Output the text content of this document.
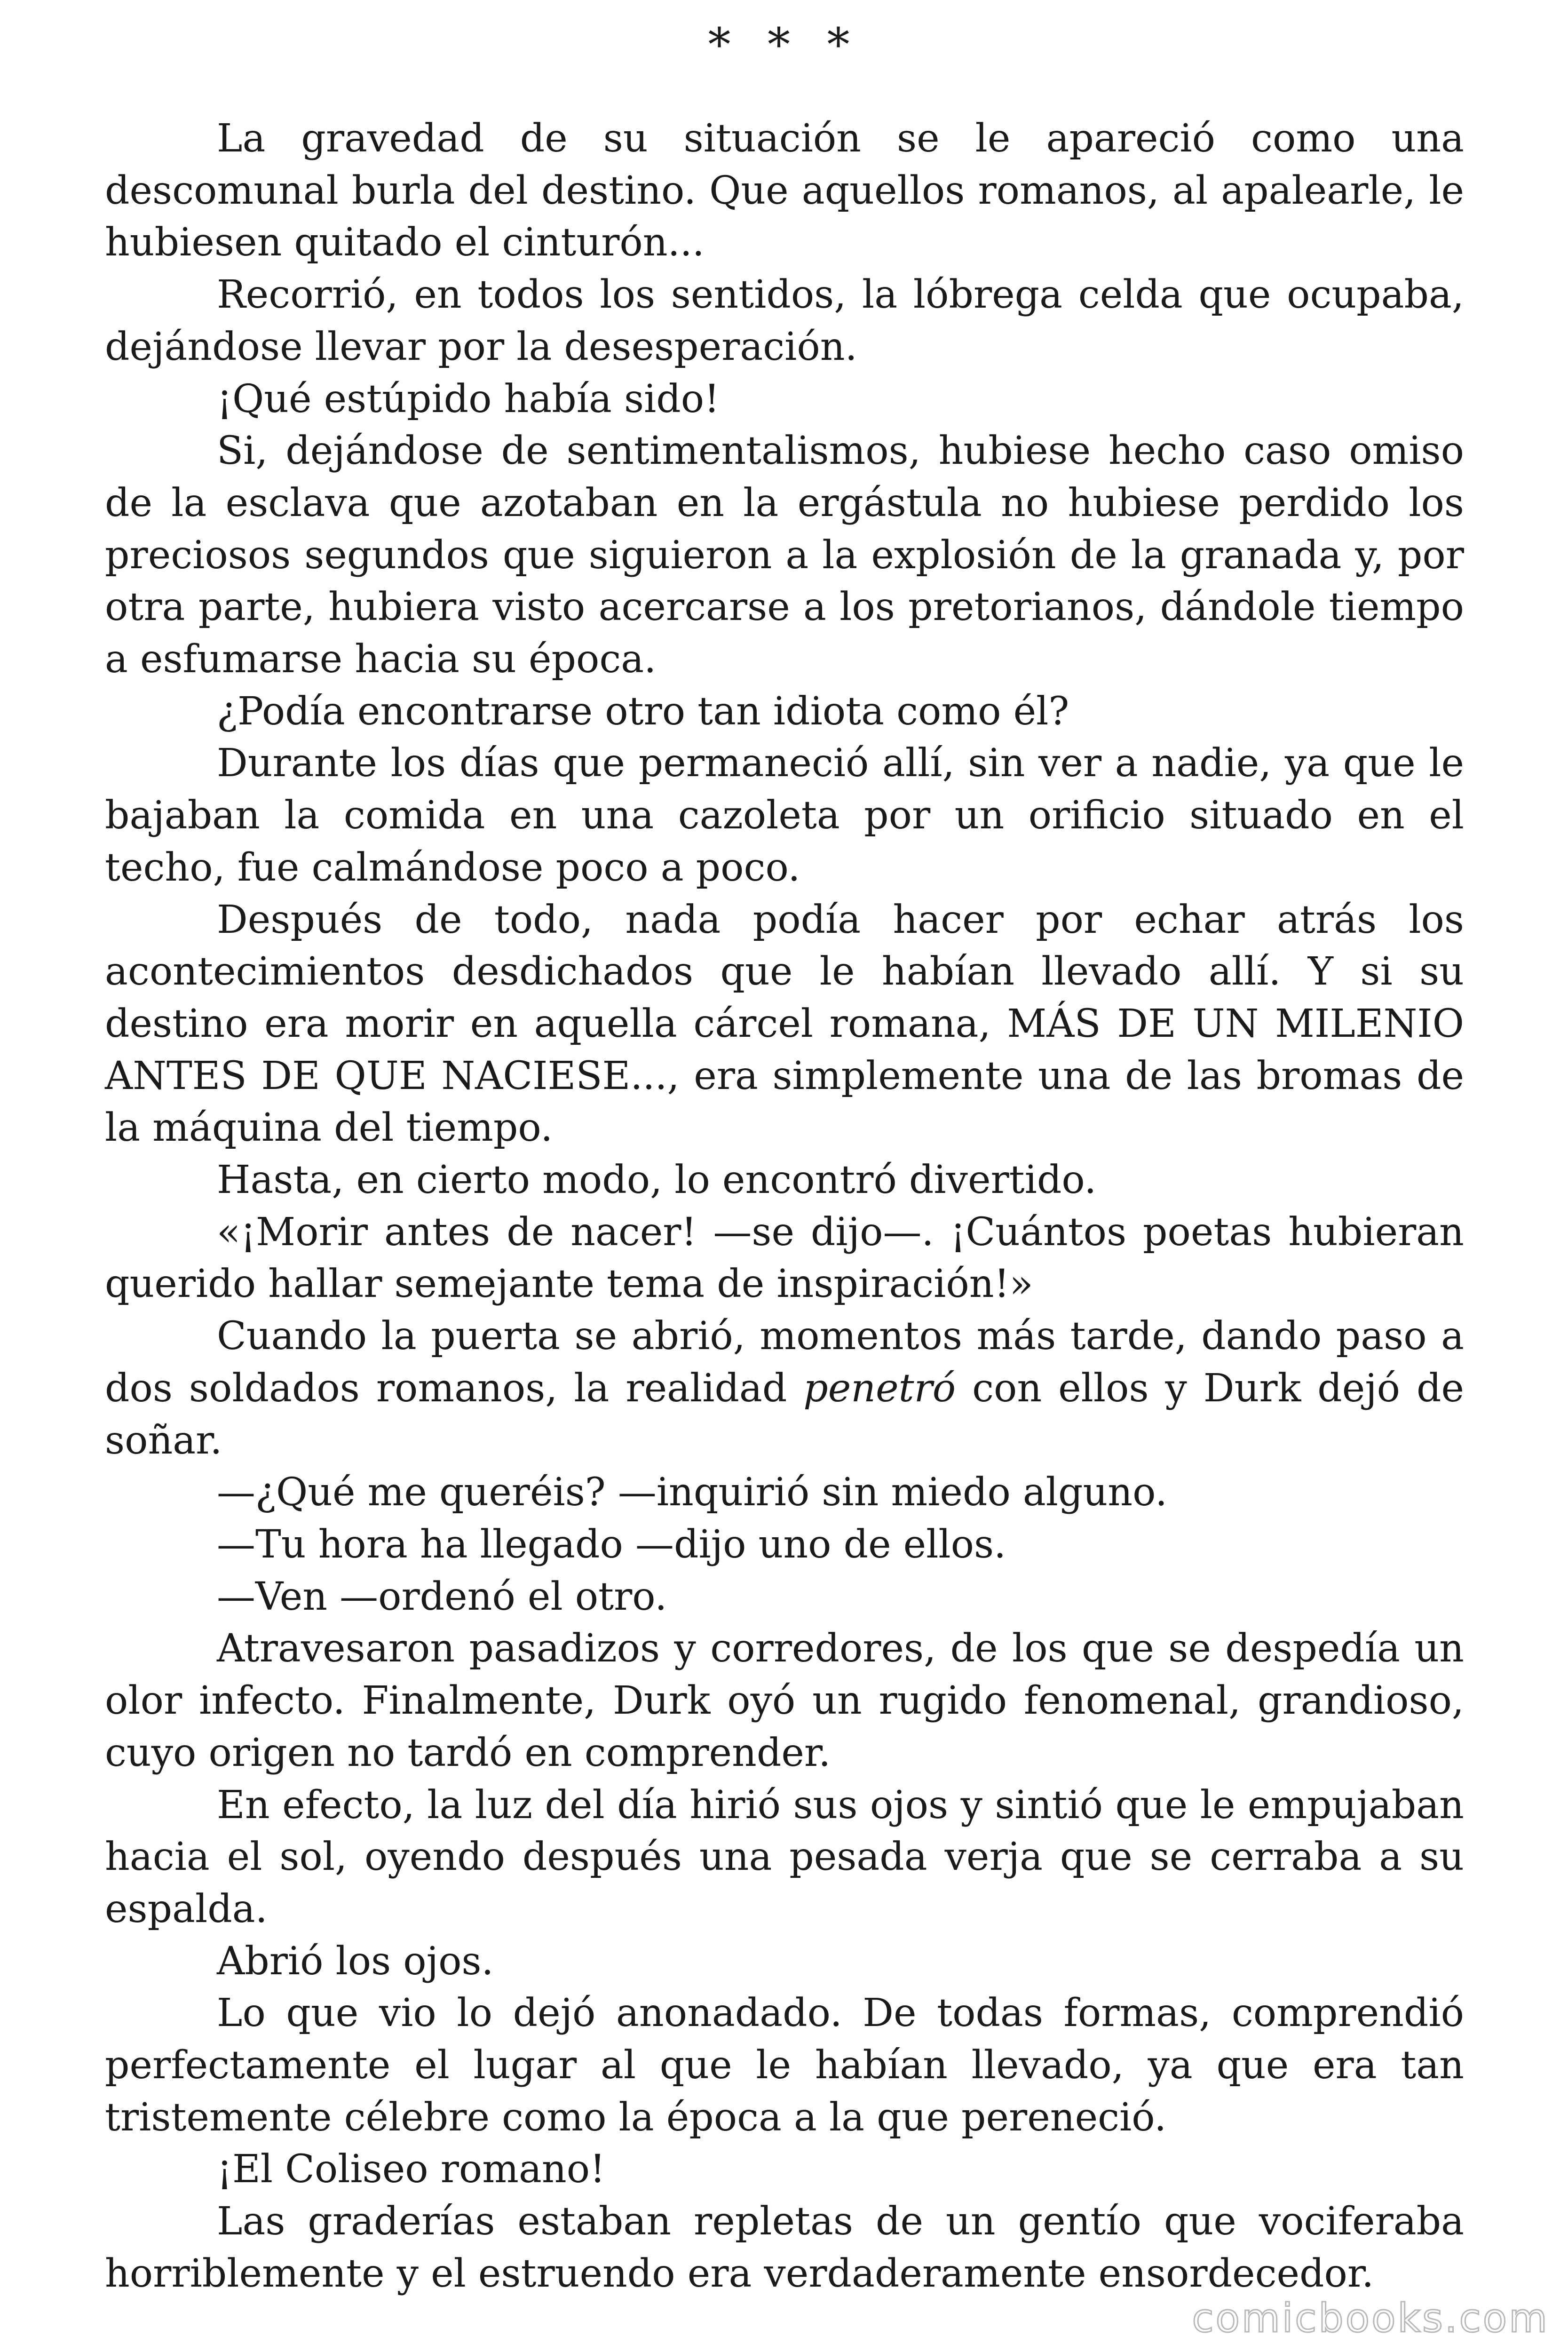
* * *

La gravedad de su situación se le apareció como una descomunal burla del destino. Que aquellos romanos, al apalearle, le hubiesen quitado el cinturón...

Recorrió, en todos los sentidos, la lóbrega celda que ocupaba, dejándose llevar por la desesperación.

¡Qué estúpido había sido!

Si, dejándose de sentimentalismos, hubiese hecho caso omiso de la esclava que azotaban en la ergástula no hubiese perdido los preciosos segundos que siguieron a la explosión de la granada y, por otra parte, hubiera visto acercarse a los pretorianos, dándole tiempo a esfumarse hacia su época.

¿Podía encontrarse otro tan idiota como él?

Durante los días que permaneció allí, sin ver a nadie, ya que le bajaban la comida en una cazoleta por un orificio situado en el techo, fue calmándose poco a poco.

Después de todo, nada podía hacer por echar atrás los acontecimientos desdichados que le habían llevado allí. Y si su destino era morir en aquella cárcel romana, MÁS DE UN MILENIO ANTES DE QUE NACIESE..., era simplemente una de las bromas de la máquina del tiempo.

Hasta, en cierto modo, lo encontró divertido.

«¡Morir antes de nacer! —se dijo—. ¡Cuántos poetas hubieran querido hallar semejante tema de inspiración!»

Cuando la puerta se abrió, momentos más tarde, dando paso a dos soldados romanos, la realidad penetró con ellos y Durk dejó de soñar.

—¿Qué me queréis? —inquirió sin miedo alguno.

—Tu hora ha llegado —dijo uno de ellos.

—Ven —ordenó el otro.

Atravesaron pasadizos y corredores, de los que se despedía un olor infecto. Finalmente, Durk oyó un rugido fenomenal, grandioso, cuyo origen no tardó en comprender.

En efecto, la luz del día hirió sus ojos y sintió que le empujaban hacia el sol, oyendo después una pesada verja que se cerraba a su espalda.

Abrió los ojos.

Lo que vio lo dejó anonadado. De todas formas, comprendió perfectamente el lugar al que le habían llevado, ya que era tan tristemente célebre como la época a la que pereneció.

¡El Coliseo romano!

Las graderías estaban repletas de un gentío que vociferaba horriblemente y el estruendo era verdaderamente ensordecedor.

comicbooks.com
